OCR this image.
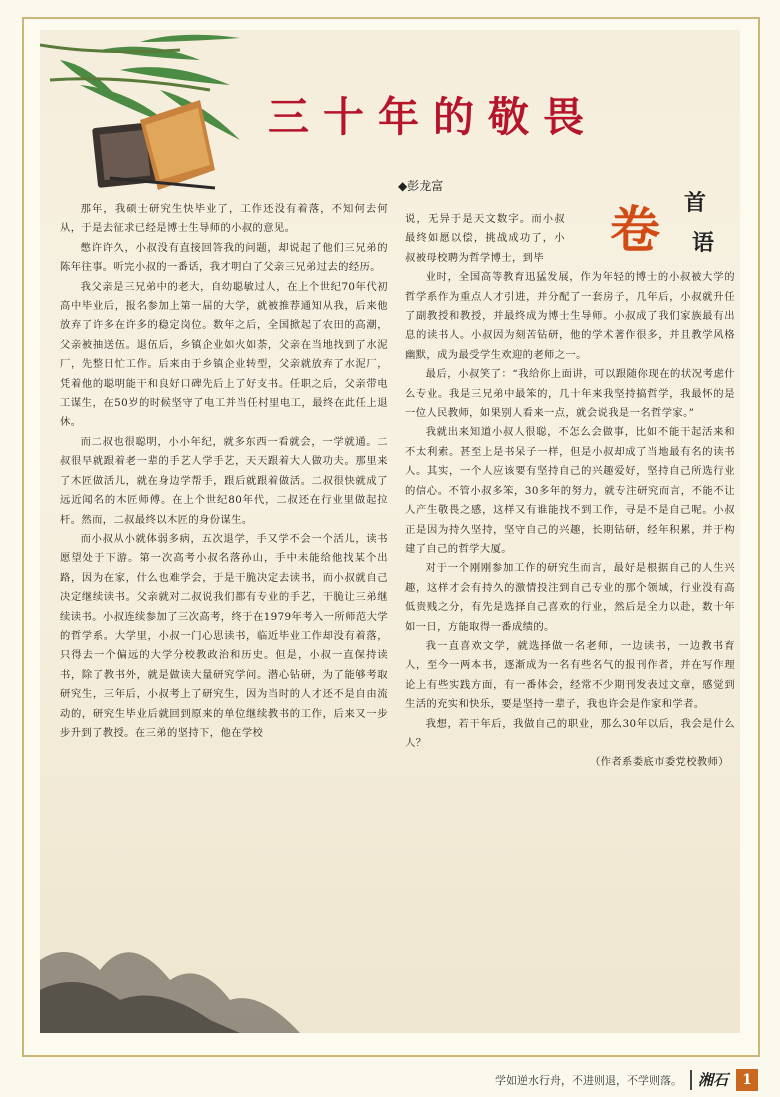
三十年的敬畏
◆彭龙富
卷 首
语

那年，我硕士研究生快毕业了，工作还没有着落，不知何去何从，于是去征求已经是博士生导师的小叔的意见。

憋许许久，小叔没有直接回答我的问题，却说起了他们三兄弟的陈年往事。听完小叔的一番话，我才明白了父亲三兄弟过去的经历。

我父亲是三兄弟中的老大，自幼聪敏过人，在上个世纪70年代初高中毕业后，报名参加上第一届的大学，就被推荐通知从我，后来他放弃了许多在许多的稳定岗位。数年之后，全国掀起了农田的高潮，父亲被抽送伍。退伍后，乡镇企业如火如荼，父亲在当地找到了水泥厂，先整日忙工作。后来由于乡镇企业转型，父亲就放弃了水泥厂，凭着他的聪明能干和良好口碑先后上了好支书。任职之后，父亲带电工谋生，在50岁的时候坚守了电工并当任村里电工，最终在此任上退休。

而二叔也很聪明，小小年纪，就多东西一看就会，一学就通。二叔很早就跟着老一辈的手艺人学手艺，天天跟着大人做功夫。那里来了木匠做活儿，就在身边学帮手，跟后就跟着做活。二叔很快就成了远近闻名的木匠师傅。在上个世纪80年代，二叔还在行业里做起拉杆。然而，二叔最终以木匠的身份谋生。

而小叔从小就体弱多病，五次退学，手又学不会一个活儿，读书愿望处于下游。第一次高考小叔名落孙山，手中未能给他找某个出路，因为在家，什么也难学会，于是干脆决定去读书，而小叔就自己决定继续读书。父亲就对二叔说我们都有专业的手艺，干脆让三弟继续读书。小叔连续参加了三次高考，终于在1979年考入一所师范大学的哲学系。大学里，小叔一门心思读书，临近毕业工作却没有着落，只得去一个偏远的大学分校教政治和历史。但是，小叔一直保持读书，除了教书外，就是做读大量研究学问。潜心钻研，为了能够考取研究生，三年后，小叔考上了研究生，因为当时的人才还不是自由流动的，研究生毕业后就回到原来的单位继续教书的工作，后来又一步步升到了教授。在三弟的坚持下，他在学校

说，无异于是天文数字。而小叔最终如愿以偿，挑战成功了，小叔被母校聘为哲学博士，到毕

业时，全国高等教育迅猛发展，作为年轻的博士的小叔被大学的哲学系作为重点人才引进，并分配了一套房子，几年后，小叔就升任了副教授和教授，并最终成为博士生导师。小叔成了我们家族最有出息的读书人。小叔因为刻苦钻研，他的学术著作很多，并且教学风格幽默，成为最受学生欢迎的老师之一。

最后，小叔笑了：“我给你上面讲，可以跟随你现在的状况考虑什么专业。我是三兄弟中最笨的，几十年来我坚持搞哲学，我最怀的是一位人民教师，如果别人看来一点，就会说我是一名哲学家。”

我就出来知道小叔人很聪，不怎么会做事，比如不能干起活来和不太利索。甚至上是书呆子一样，但是小叔却成了当地最有名的读书人。其实，一个人应该要有坚持自己的兴趣爱好，坚持自己所选行业的信心。不管小叔多笨，30多年的努力，就专注研究而言，不能不让人产生敬畏之感，这样又有谁能找不到工作，寻是不是自己呢。小叔正是因为持久坚持，坚守自己的兴趣，长期钻研，经年积累，并于构建了自己的哲学大厦。

对于一个刚刚参加工作的研究生而言，最好是根据自己的人生兴趣，这样才会有持久的激情投注到自己专业的那个领域，行业没有高低贵贱之分，有先是选择自己喜欢的行业，然后是全力以赴，数十年如一日，方能取得一番成绩的。

我一直喜欢文学，就选择做一名老师，一边读书，一边教书育人，至今一两本书，逐渐成为一名有些名气的报刊作者，并在写作理论上有些实践方面，有一番体会，经常不少期刊发表过文章，感觉到生活的充实和快乐，要是坚持一辈子，我也许会是作家和学者。

我想，若干年后，我做自己的职业，那么30年以后，我会是什么人？

（作者系娄底市委党校教师）

学如逆水行舟，不进则退，不学则落。 湘石	1
